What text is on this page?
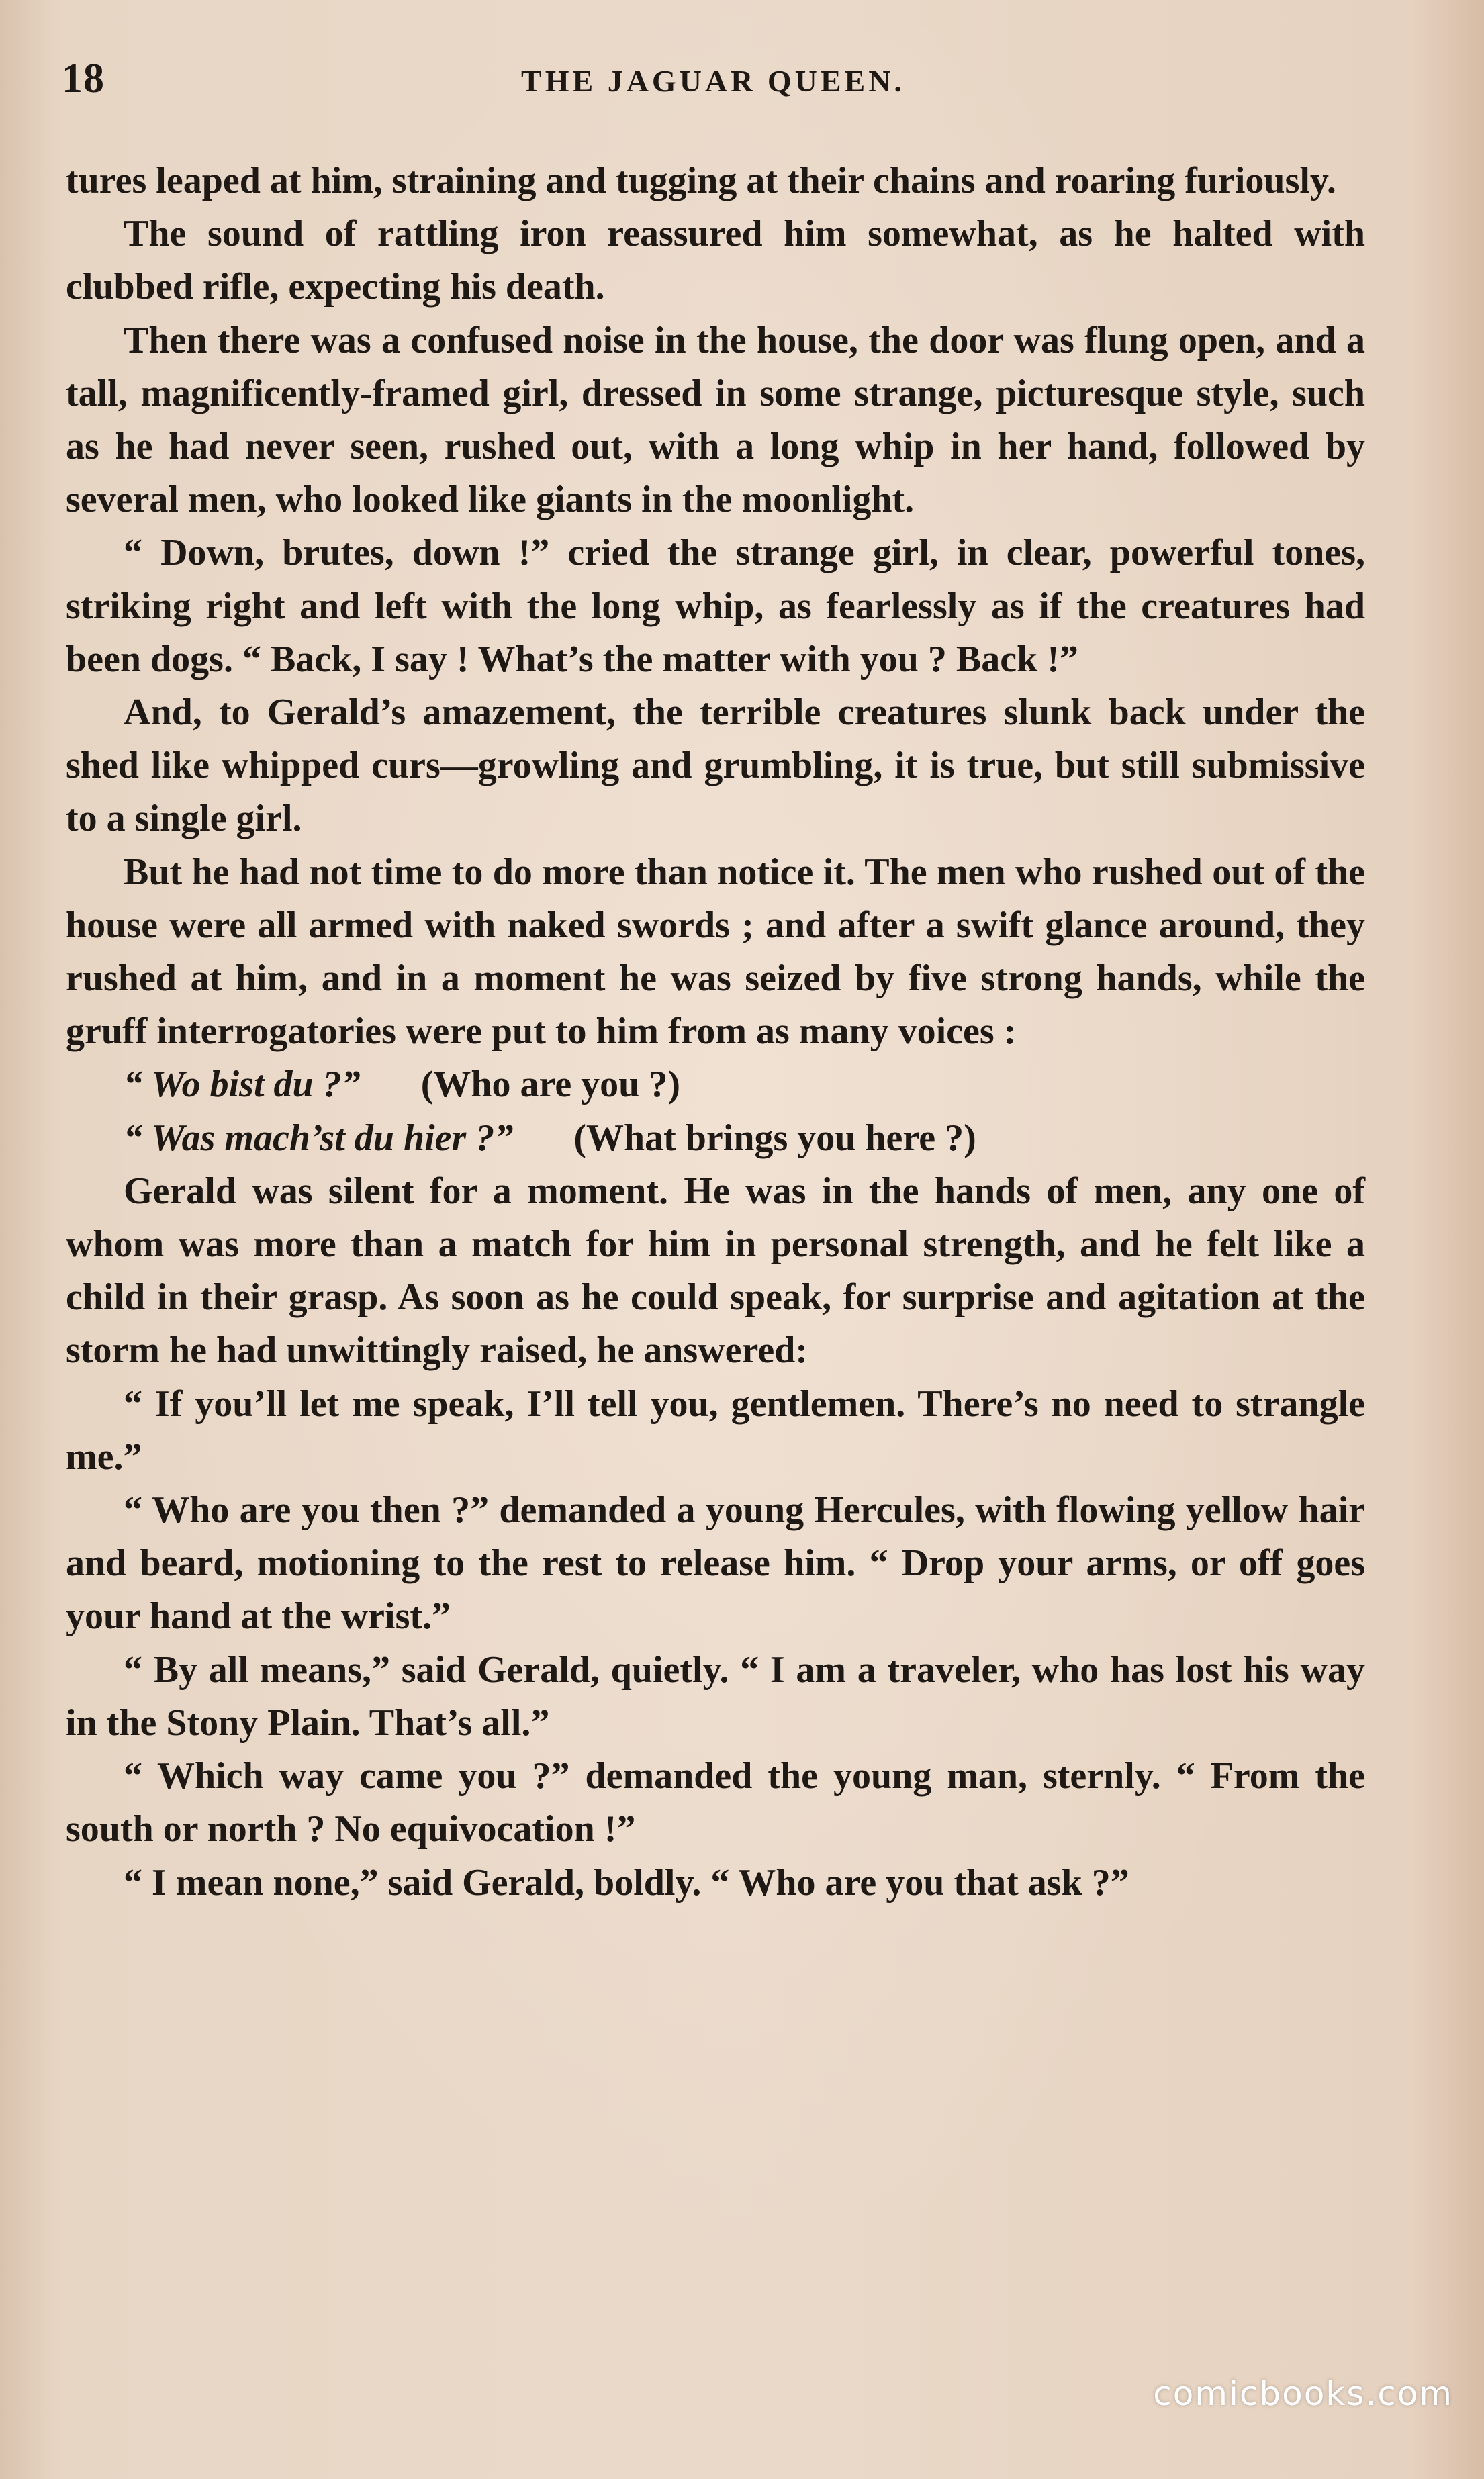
18	THE JAGUAR QUEEN.

tures leaped at him, straining and tugging at their chains and roaring furiously.

The sound of rattling iron reassured him somewhat, as he halted with clubbed rifle, expecting his death.

Then there was a confused noise in the house, the door was flung open, and a tall, magnificently-framed girl, dressed in some strange, picturesque style, such as he had never seen, rushed out, with a long whip in her hand, followed by several men, who looked like giants in the moonlight.

“ Down, brutes, down !” cried the strange girl, in clear, powerful tones, striking right and left with the long whip, as fearlessly as if the creatures had been dogs. “ Back, I say ! What’s the matter with you ? Back !”

And, to Gerald’s amazement, the terrible creatures slunk back under the shed like whipped curs—growling and grumbling, it is true, but still submissive to a single girl.

But he had not time to do more than notice it. The men who rushed out of the house were all armed with naked swords ; and after a swift glance around, they rushed at him, and in a moment he was seized by five strong hands, while the gruff interrogatories were put to him from as many voices :

“ Wo bist du ?” (Who are you ?)

“ Was mach’st du hier ?” (What brings you here ?)

Gerald was silent for a moment. He was in the hands of men, any one of whom was more than a match for him in personal strength, and he felt like a child in their grasp. As soon as he could speak, for surprise and agitation at the storm he had unwittingly raised, he answered:

“ If you’ll let me speak, I’ll tell you, gentlemen. There’s no need to strangle me.”

“ Who are you then ?” demanded a young Hercules, with flowing yellow hair and beard, motioning to the rest to release him. “ Drop your arms, or off goes your hand at the wrist.”

“ By all means,” said Gerald, quietly. “ I am a traveler, who has lost his way in the Stony Plain. That’s all.”

“ Which way came you ?” demanded the young man, sternly. “ From the south or north ? No equivocation !”

“ I mean none,” said Gerald, boldly. “ Who are you that ask ?”

comicbooks.com
